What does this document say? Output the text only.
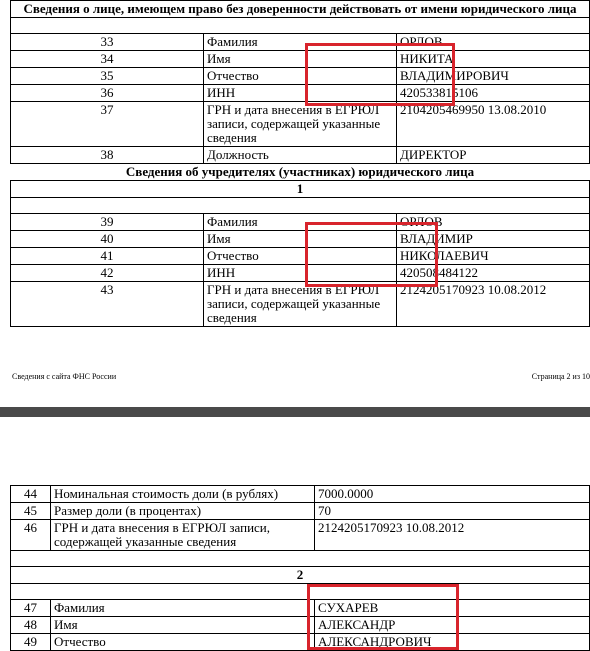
Сведения о лице, имеющем право без доверенности действовать от имени юридического лица		

33	Фамилия	ОРЛОВ
34	Имя	НИКИТА
35	Отчество	ВЛАДИМИРОВИЧ
36	ИНН	420533815106
37	ГРН и дата внесения в ЕГРЮЛ записи, содержащей указанные сведения	2104205469950 13.08.2010
38	Должность	ДИРЕКТОР
Сведения об учредителях (участниках) юридического лица		
1		

39	Фамилия	ОРЛОВ
40	Имя	ВЛАДИМИР
41	Отчество	НИКОЛАЕВИЧ
42	ИНН	420508484122
43	ГРН и дата внесения в ЕГРЮЛ записи, содержащей указанные сведения	2124205170923 10.08.2012
Сведения с сайта ФНС России	Страница 2 из 10
44	Номинальная стоимость доли (в рублях)	7000.0000
45	Размер доли (в процентах)	70
46	ГРН и дата внесения в ЕГРЮЛ записи, содержащей указанные сведения	2124205170923 10.08.2012

2		

47	Фамилия	СУХАРЕВ
48	Имя	АЛЕКСАНДР
49	Отчество	АЛЕКСАНДРОВИЧ
